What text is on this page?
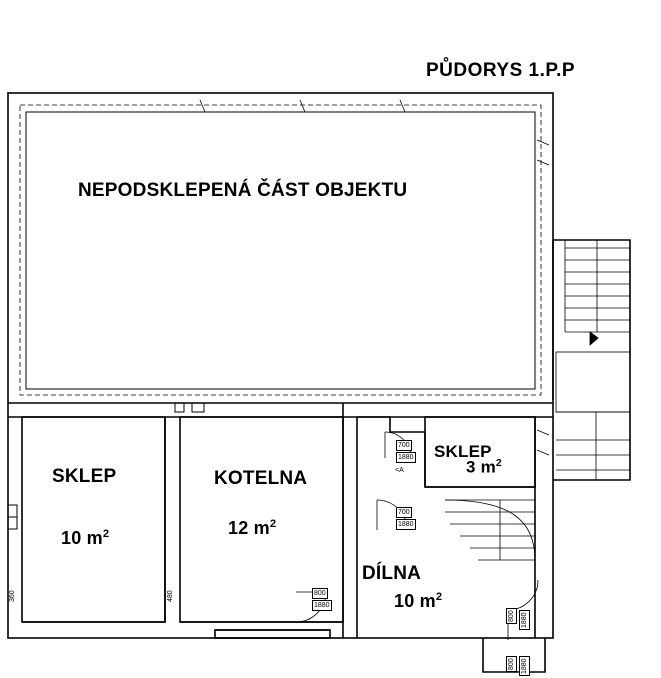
PŮDORYS 1.P.P
NEPODSKLEPENÁ ČÁST OBJEKTU
SKLEP
10 $m^2$
KOTELNA
12 $m^2$
SKLEP
3 $m^2$
DÍLNA
10 $m^2$
700
1880
<A
700
1880
800
1880
800 1880
800 1880
360	480
